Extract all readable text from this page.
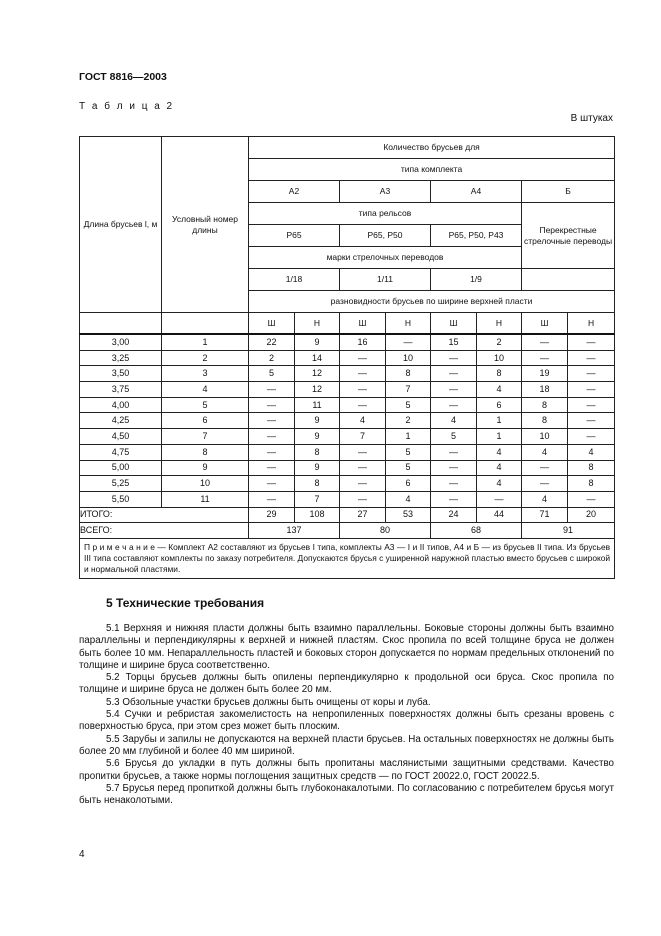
ГОСТ 8816—2003
Т а б л и ц а 2
В штуках
Длина брусьев l, м	Условный номер длины	Количество брусьев для							
		типа комплекта							
		А2		А3		А4		Б	
		типа рельсов						Перекрестные стрелочные переводы	
		Р65		Р65, Р50		Р65, Р50, Р43			
		марки стрелочных переводов							
		1/18		1/11		1/9			
		разновидности брусьев по ширине верхней пласти							
		Ш	Н	Ш	Н	Ш	Н	Ш	Н
3,00	1	22	9	16	—	15	2	—	—
3,25	2	2	14	—	10	—	10	—	—
3,50	3	5	12	—	8	—	8	19	—
3,75	4	—	12	—	7	—	4	18	—
4,00	5	—	11	—	5	—	6	8	—
4,25	6	—	9	4	2	4	1	8	—
4,50	7	—	9	7	1	5	1	10	—
4,75	8	—	8	—	5	—	4	4	4
5,00	9	—	9	—	5	—	4	—	8
5,25	10	—	8	—	6	—	4	—	8
5,50	11	—	7	—	4	—	—	4	—
ИТОГО:		29	108	27	53	24	44	71	20
ВСЕГО:		137		80		68		91	
П р и м е ч а н и е — Комплект А2 составляют из брусьев I типа, комплекты А3 — I и II типов, А4 и Б — из брусьев II типа. Из брусьев III типа составляют комплекты по заказу потребителя. Допускаются брусья с уширенной наружной пластью вместо брусьев с широкой и нормальной пластями.									
5 Технические требования

5.1 Верхняя и нижняя пласти должны быть взаимно параллельны. Боковые стороны должны быть взаимно параллельны и перпендикулярны к верхней и нижней пластям. Скос пропила по всей толщине бруса не должен быть более 10 мм. Непараллельность пластей и боковых сторон допускается по нормам предельных отклонений по толщине и ширине бруса соответственно.

5.2 Торцы брусьев должны быть опилены перпендикулярно к продольной оси бруса. Скос пропила по толщине и ширине бруса не должен быть более 20 мм.

5.3 Обзольные участки брусьев должны быть очищены от коры и луба.

5.4 Сучки и ребристая закомелистость на непропиленных поверхностях должны быть срезаны вровень с поверхностью бруса, при этом срез может быть плоским.

5.5 Зарубы и запилы не допускаются на верхней пласти брусьев. На остальных поверхностях не должны быть более 20 мм глубиной и более 40 мм шириной.

5.6 Брусья до укладки в путь должны быть пропитаны маслянистыми защитными средствами. Качество пропитки брусьев, а также нормы поглощения защитных средств — по ГОСТ 20022.0, ГОСТ 20022.5.

5.7 Брусья перед пропиткой должны быть глубоконакалотыми. По согласованию с потребителем брусья могут быть ненаколотыми.

4
